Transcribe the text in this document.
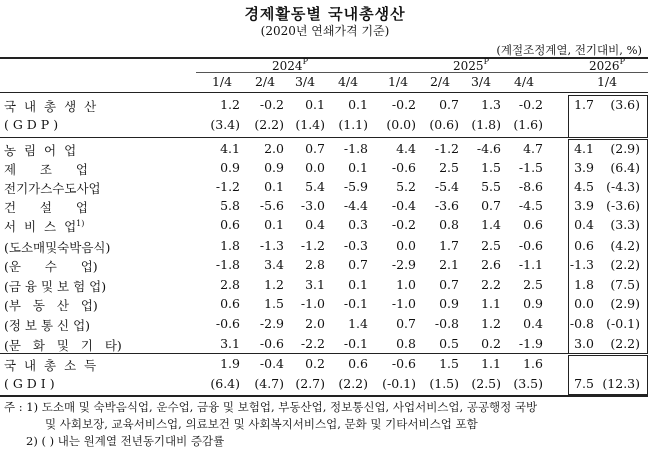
경제활동별 국내총생산
(2020년 연쇄가격 기준)
(계절조정계열, 전기대비, %)
$2024^P$	$2025^P$	$2026^P$
1/4	2/4	3/4	4/4	1/4	2/4	3/4	4/4	1/4
국  내  총  생  산	1.2 -0.2 0.1 0.1 -0.2 0.7 1.3 -0.2 1.7 (3.6)
( G D P )	(3.4) (2.2) (1.4) (1.1) (0.0) (0.6) (1.8) (1.6)
농  림  어  업	4.1 2.0 0.7 -1.8 4.4 -1.2 -4.6 4.7 4.1 (2.9)
제      조      업	0.9 0.9 0.0 0.1 -0.6 2.5 1.5 -1.5 3.9 (6.4)
전기가스수도사업	-1.2 0.1 5.4 -5.9 5.2 -5.4 5.5 -8.6 4.5 (-4.3)
건      설      업	5.8 -5.6 -3.0 -4.4 -0.4 -3.6 0.7 -4.5 3.9 (-3.6)
서  비  스  업$^{1)}$	0.6 0.1 0.4 0.3 -0.2 0.8 1.4 0.6 0.4 (3.3)
(도소매및숙박음식)	1.8 -1.3 -1.2 -0.3 0.0 1.7 2.5 -0.6 0.6 (4.2)
(운      수      업)	-1.8 3.4 2.8 0.7 -2.9 2.1 2.6 -1.1 -1.3 (2.2)
(금 융 및 보 험 업)	2.8 1.2 3.1 0.1 1.0 0.7 2.2 2.5 1.8 (7.5)
(부   동   산   업)	0.6 1.5 -1.0 -0.1 -1.0 0.9 1.1 0.9 0.0 (2.9)
(정 보 통 신 업)	-0.6 -2.9 2.0 1.4 0.7 -0.8 1.2 0.4 -0.8 (-0.1)
(문   화   및   기   타)	3.1 -0.6 -2.2 -0.1 0.8 0.5 0.2 -1.9 3.0 (2.2)
국  내  총  소  득	1.9 -0.4 0.2 0.6 -0.6 1.5 1.1 1.6
( G D I )	(6.4) (4.7) (2.7) (2.2) (-0.1) (1.5) (2.5) (3.5) 7.5 (12.3)
주 : 1) 도소매 및 숙박음식업, 운수업, 금융 및 보험업, 부동산업, 정보통신업, 사업서비스업, 공공행정 국방
및 사회보장, 교육서비스업, 의료보건 및 사회복지서비스업, 문화 및 기타서비스업 포함
2) ( ) 내는 원계열 전년동기대비 증감률
